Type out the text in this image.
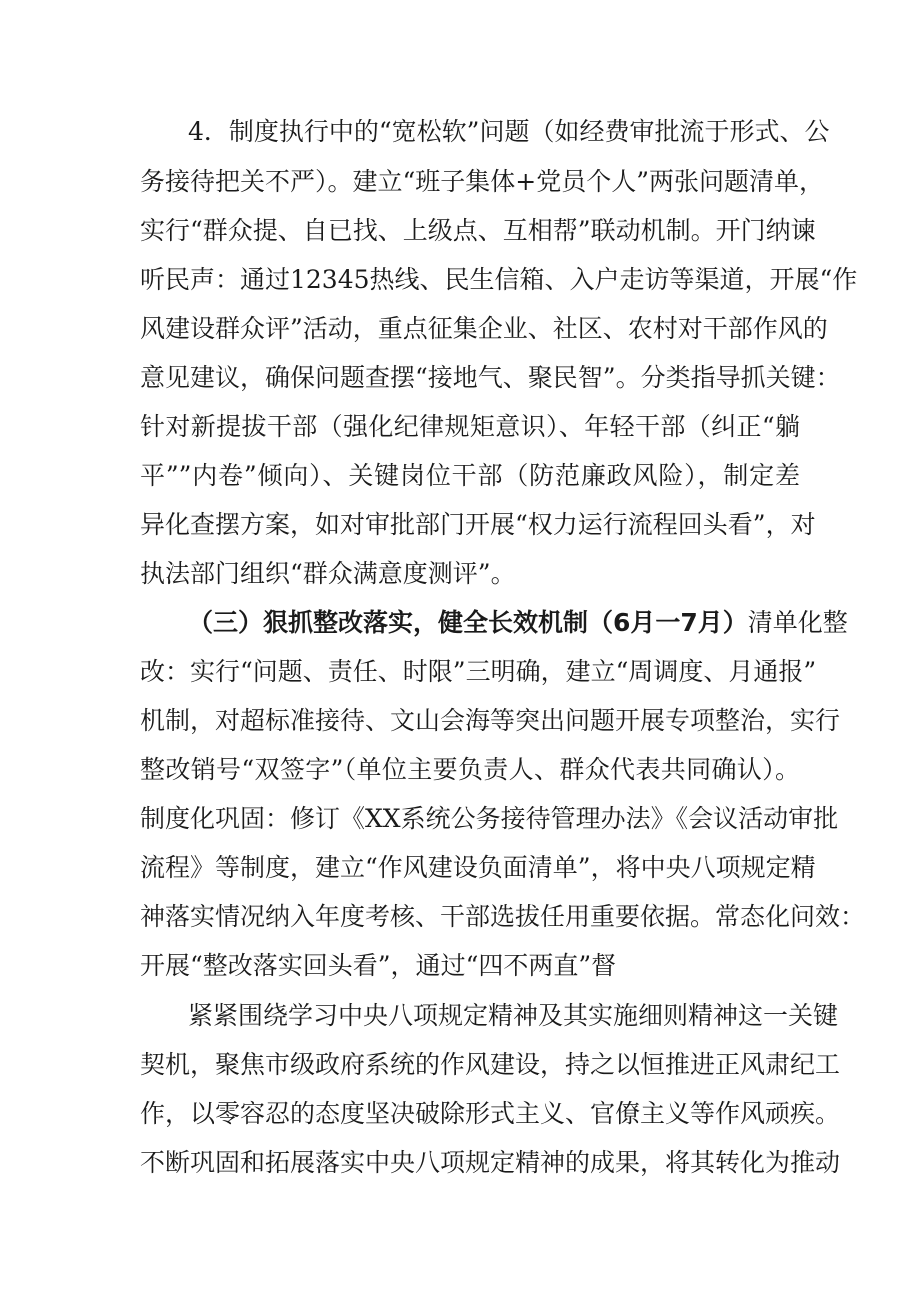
4．制度执行中的“宽松软”问题（如经费审批流于形式、公
务接待把关不严）。建立“班子集体+党员个人”两张问题清单，
实行“群众提、自已找、上级点、互相帮”联动机制。开门纳谏
听民声：通过12345热线、民生信箱、入户走访等渠道，开展“作
风建设群众评”活动，重点征集企业、社区、农村对干部作风的
意见建议，确保问题查摆“接地气、聚民智”。分类指导抓关键：
针对新提拔干部（强化纪律规矩意识）、年轻干部（纠正“躺
平””内卷”倾向）、关键岗位干部（防范廉政风险），制定差
异化查摆方案，如对审批部门开展“权力运行流程回头看”，对
执法部门组织“群众满意度测评”。
（三）狠抓整改落实，健全长效机制（6月一7月）清单化整
改：实行“问题、责任、时限”三明确，建立“周调度、月通报”
机制，对超标准接待、文山会海等突出问题开展专项整治，实行
整改销号“双签字”（单位主要负责人、群众代表共同确认）。
制度化巩固：修订《XX系统公务接待管理办法》《会议活动审批
流程》等制度，建立“作风建设负面清单”，将中央八项规定精
神落实情况纳入年度考核、干部选拔任用重要依据。常态化问效：
开展“整改落实回头看”，通过“四不两直”督
紧紧围绕学习中央八项规定精神及其实施细则精神这一关键
契机，聚焦市级政府系统的作风建设，持之以恒推进正风肃纪工
作，以零容忍的态度坚决破除形式主义、官僚主义等作风顽疾。
不断巩固和拓展落实中央八项规定精神的成果，将其转化为推动
